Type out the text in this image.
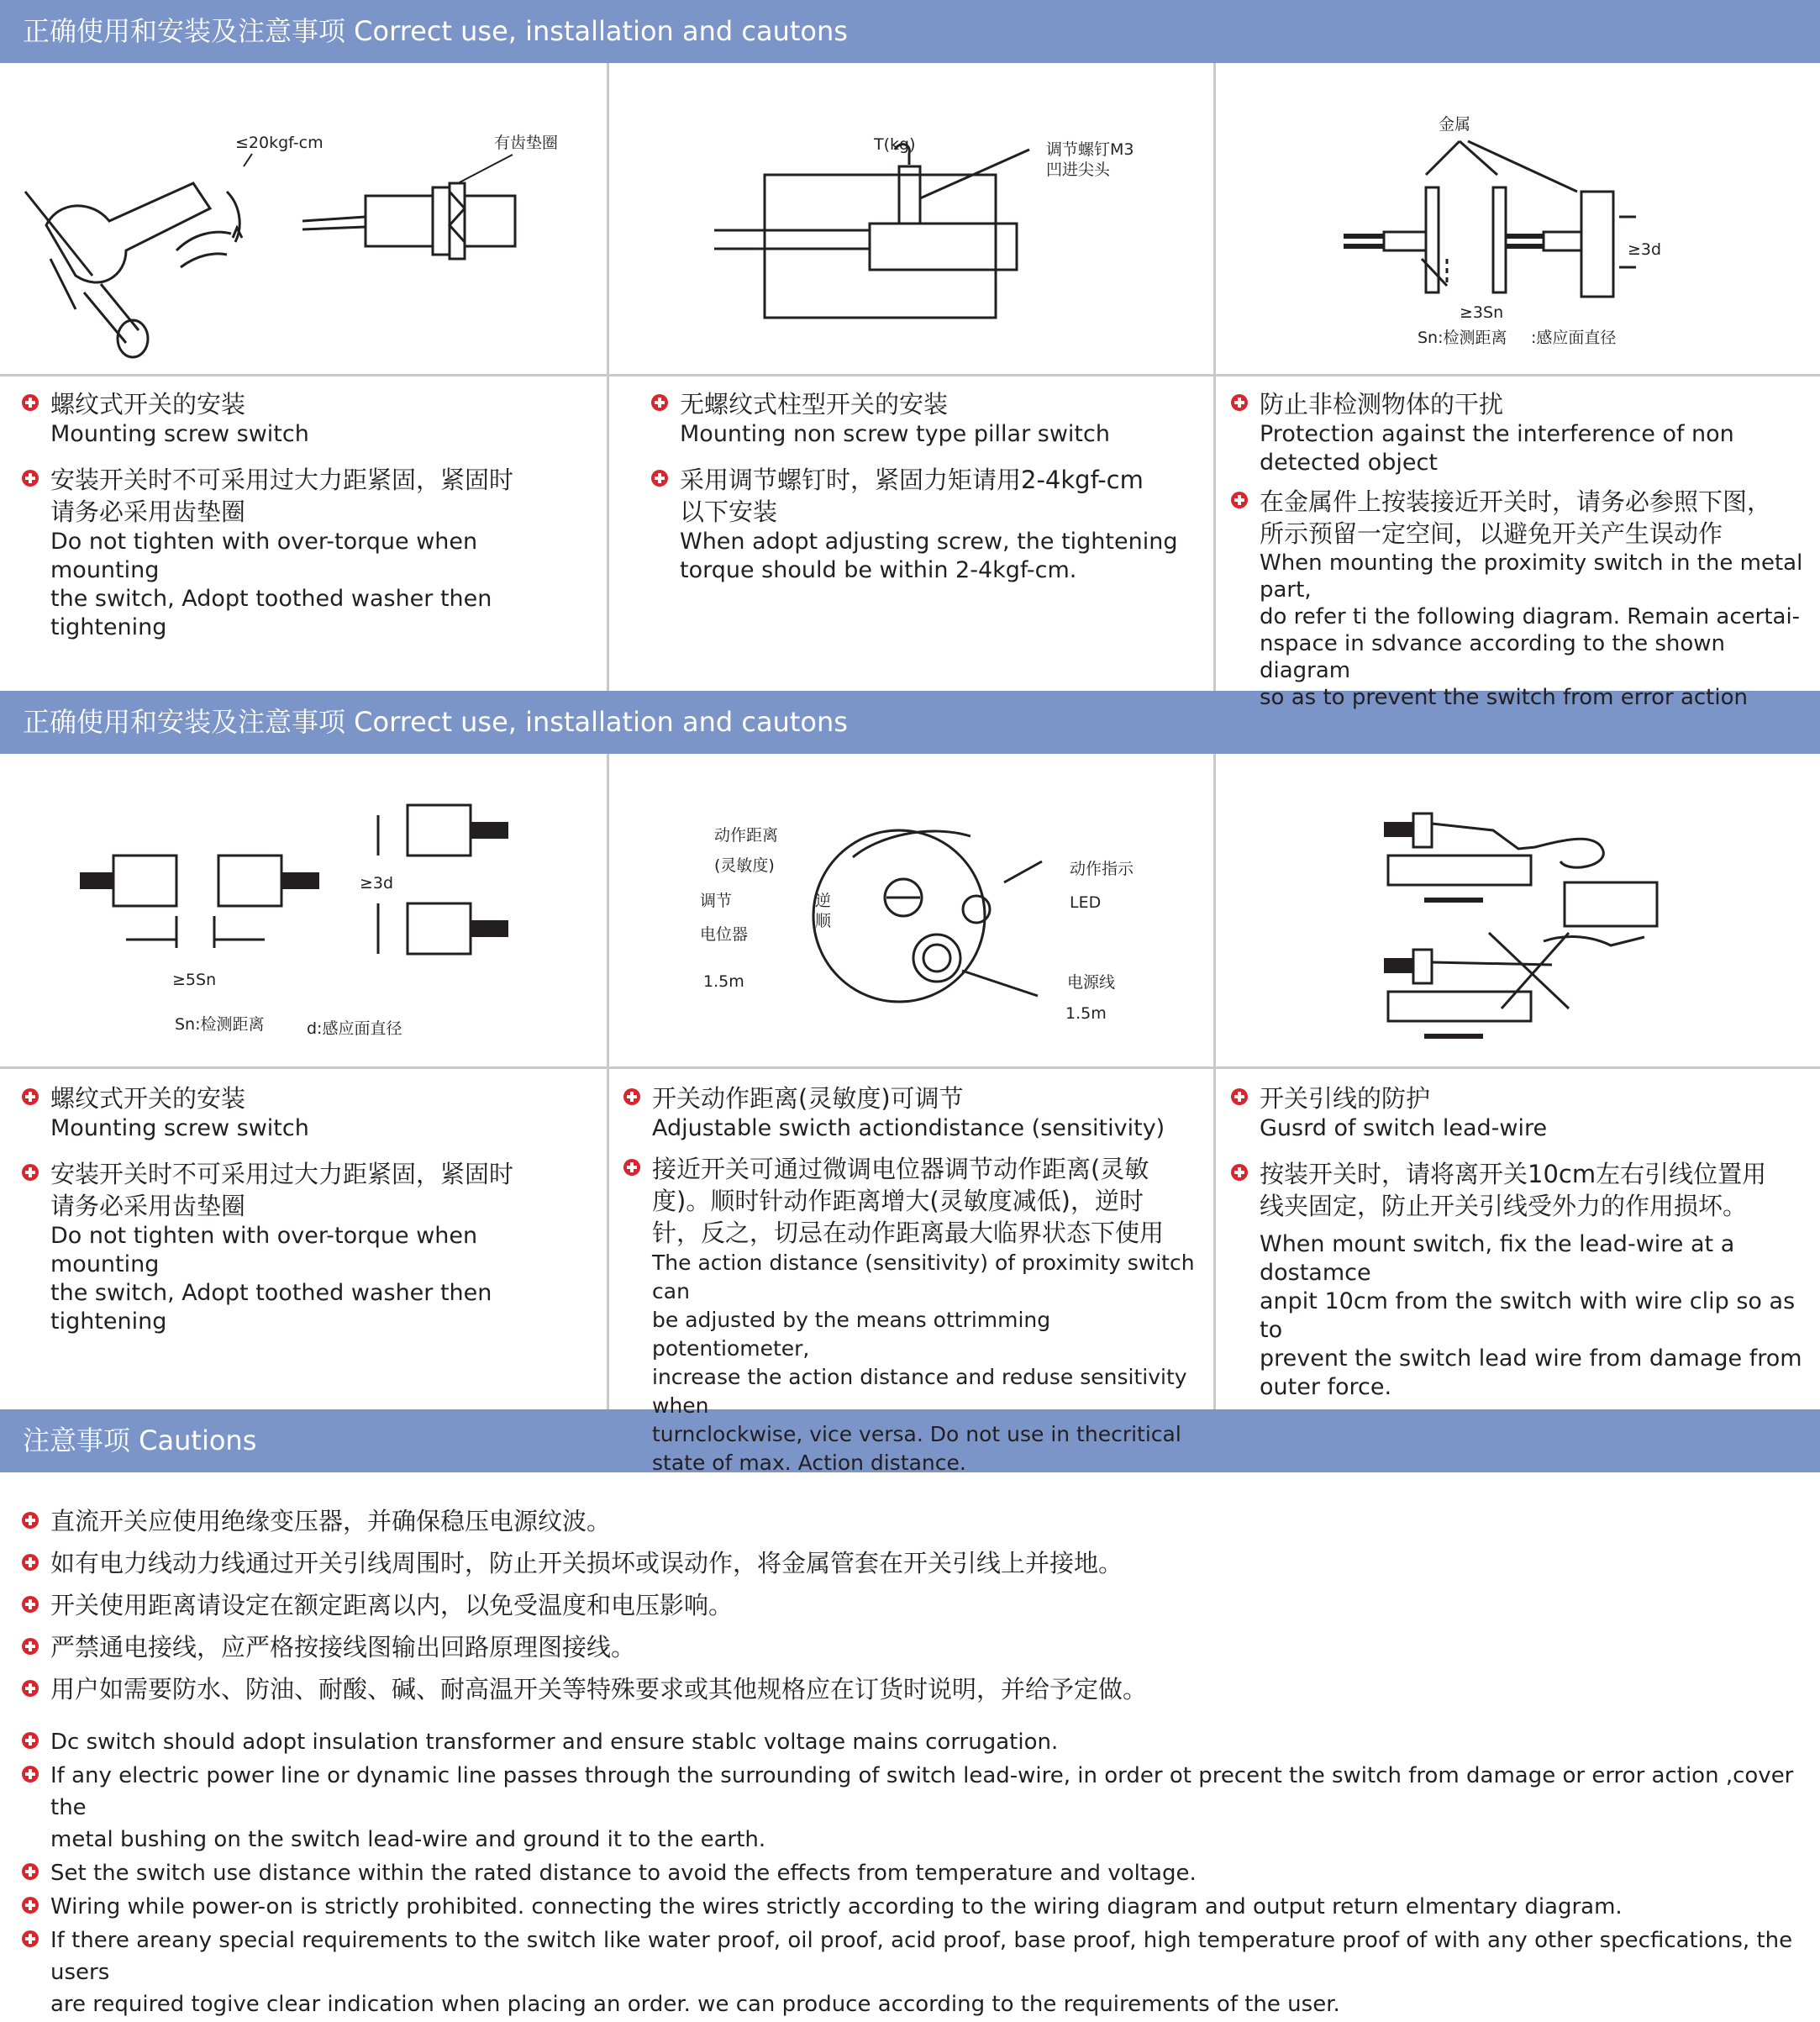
正确使用和安装及注意事项 Correct use, installation and cautons
正确使用和安装及注意事项 Correct use, installation and cautons
注意事项 Cautions
≤20kgf-cm	有齿垫圈	T(kg)	调节螺钉M3
凹进尖头
金属
≥3d
≥3Sn
Sn:检测距离 :感应面直径
≥3d
≥5Sn
Sn:检测距离	d:感应面直径
动作距离
(灵敏度)
调节
电位器
1.5m
逆
顺
动作指示
LED
电源线
1.5m
螺纹式开关的安装
Mounting screw switch
安装开关时不可采用过大力距紧固，紧固时
请务必采用齿垫圈
Do not tighten with over-torque when mounting
the switch, Adopt toothed washer then tightening
无螺纹式柱型开关的安装
Mounting non screw type pillar switch
采用调节螺钉时，紧固力矩请用2-4kgf-cm
以下安装
When adopt adjusting screw, the tightening
torque should be within 2-4kgf-cm.
防止非检测物体的干扰
Protection against the interference of non
detected object
在金属件上按装接近开关时，请务必参照下图，
所示预留一定空间，以避免开关产生误动作
When mounting the proximity switch in the metal part,
do refer ti the following diagram. Remain acertai-
nspace in sdvance according to the shown diagram
so as to prevent the switch from error action
螺纹式开关的安装
Mounting screw switch
安装开关时不可采用过大力距紧固，紧固时
请务必采用齿垫圈
Do not tighten with over-torque when mounting
the switch, Adopt toothed washer then tightening
开关动作距离(灵敏度)可调节
Adjustable swicth actiondistance (sensitivity)
接近开关可通过微调电位器调节动作距离(灵敏
度)。顺时针动作距离增大(灵敏度减低)，逆时
针，反之，切忌在动作距离最大临界状态下使用
The action distance (sensitivity) of proximity switch can
be adjusted by the means ottrimming potentiometer,
increase the action distance and reduse sensitivity when
turnclockwise, vice versa. Do not use in thecritical
state of max. Action distance.
开关引线的防护
Gusrd of switch lead-wire
按装开关时，请将离开关10cm左右引线位置用
线夹固定，防止开关引线受外力的作用损坏。
When mount switch, fix the lead-wire at a dostamce
anpit 10cm from the switch with wire clip so as to
prevent the switch lead wire from damage from
outer force.
直流开关应使用绝缘变压器，并确保稳压电源纹波。
如有电力线动力线通过开关引线周围时，防止开关损坏或误动作，将金属管套在开关引线上并接地。
开关使用距离请设定在额定距离以内，以免受温度和电压影响。
严禁通电接线，应严格按接线图输出回路原理图接线。
用户如需要防水、防油、耐酸、碱、耐高温开关等特殊要求或其他规格应在订货时说明，并给予定做。
Dc switch should adopt insulation transformer and ensure stablc voltage mains corrugation.
If any electric power line or dynamic line passes through the surrounding of switch lead-wire, in order ot precent the switch from damage or error action ,cover the
metal bushing on the switch lead-wire and ground it to the earth.
Set the switch use distance within the rated distance to avoid the effects from temperature and voltage.
Wiring while power-on is strictly prohibited. connecting the wires strictly according to the wiring diagram and output return elmentary diagram.
If there areany special requirements to the switch like water proof, oil proof, acid proof, base proof, high temperature proof of with any other specfications, the users
are required togive clear indication when placing an order. we can produce according to the requirements of the user.
